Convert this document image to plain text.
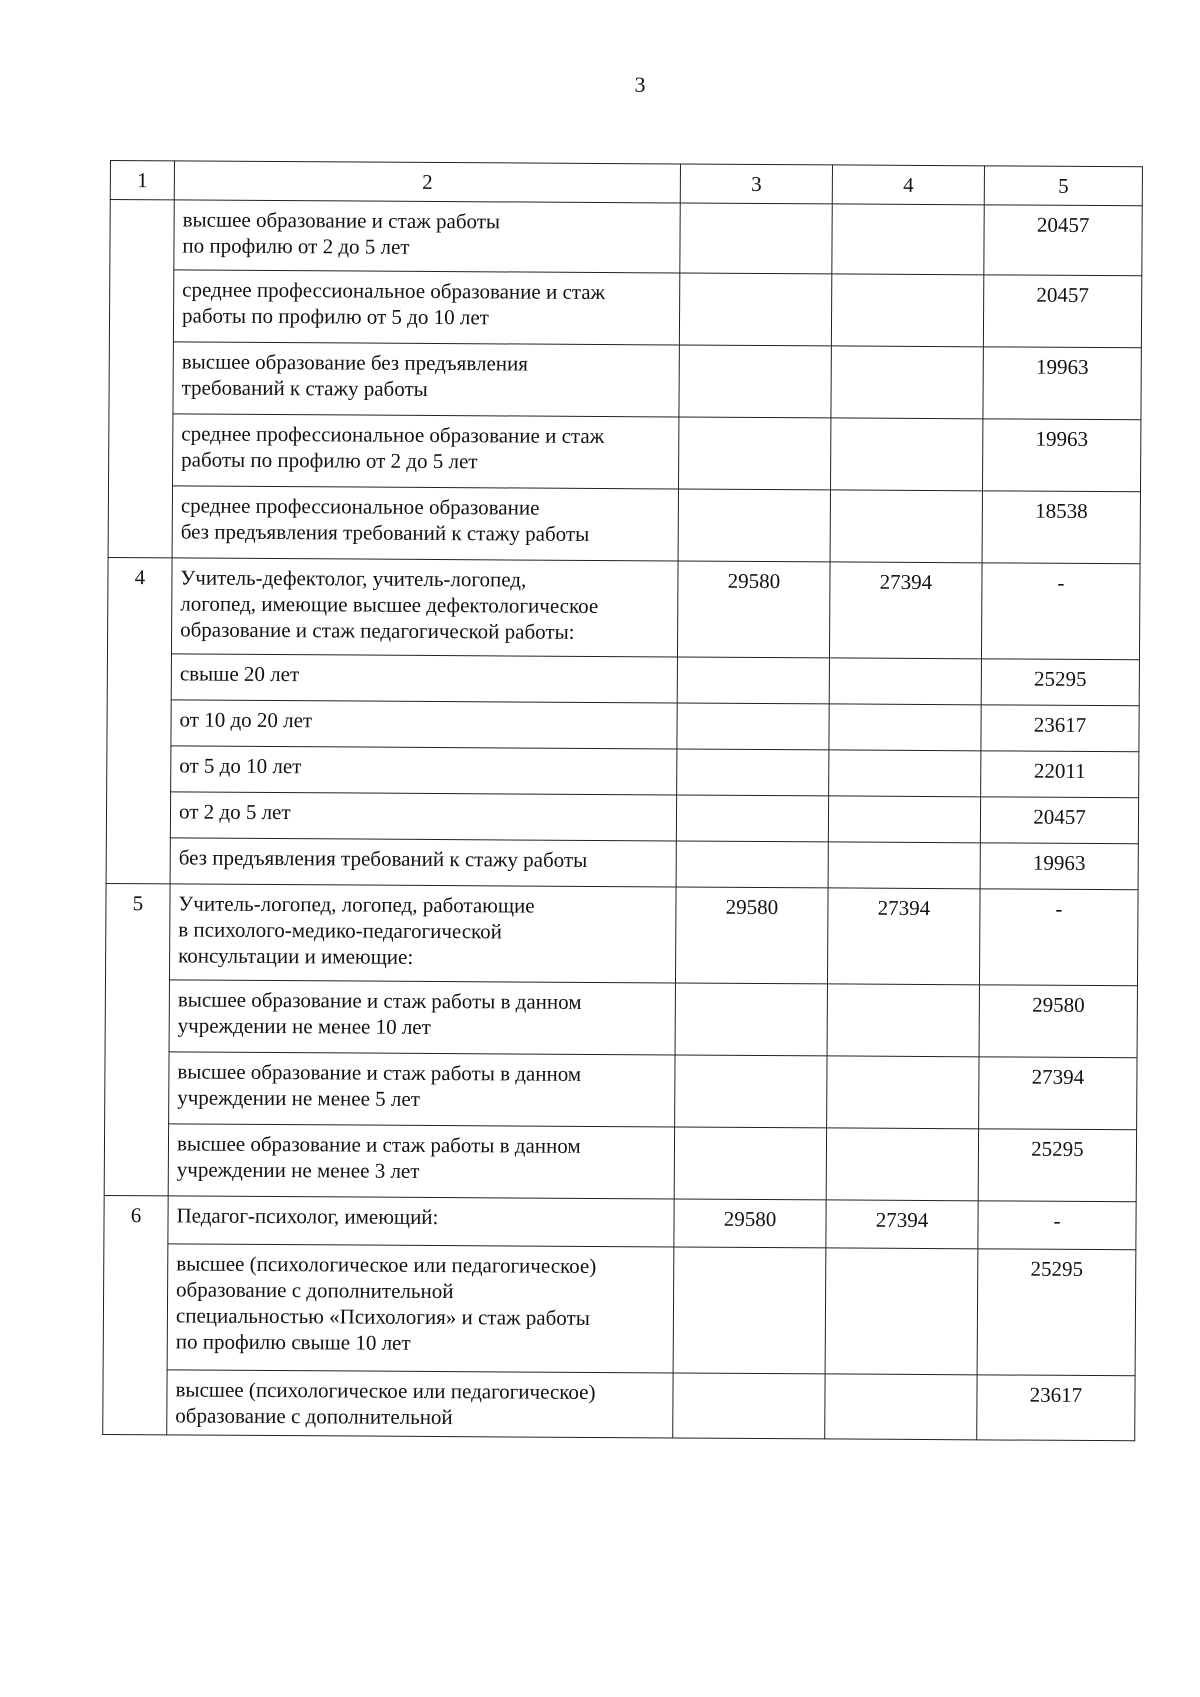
3
1	2	3	4	5

	высшее образование и стаж работы
по профилю от 2 до 5 лет			20457

	среднее профессиональное образование и стаж
работы по профилю от 5 до 10 лет			20457

	высшее образование без предъявления
требований к стажу работы			19963

	среднее профессиональное образование и стаж
работы по профилю от 2 до 5 лет			19963

	среднее профессиональное образование
без предъявления требований к стажу работы			18538
4	Учитель-дефектолог, учитель-логопед,
логопед, имеющие высшее дефектологическое
образование и стаж педагогической работы:	29580	27394	-

	свыше 20 лет			25295

	от 10 до 20 лет			23617

	от 5 до 10 лет			22011

	от 2 до 5 лет			20457

	без предъявления требований к стажу работы			19963
5	Учитель-логопед, логопед, работающие
в психолого-медико-педагогической
консультации и имеющие:	29580	27394	-

	высшее образование и стаж работы в данном
учреждении не менее 10 лет			29580

	высшее образование и стаж работы в данном
учреждении не менее 5 лет			27394

	высшее образование и стаж работы в данном
учреждении не менее 3 лет			25295
6	Педагог-психолог, имеющий:	29580	27394	-

	высшее (психологическое или педагогическое)
образование с дополнительной
специальностью «Психология» и стаж работы
по профилю свыше 10 лет			25295

	высшее (психологическое или педагогическое)
образование с дополнительной			23617
